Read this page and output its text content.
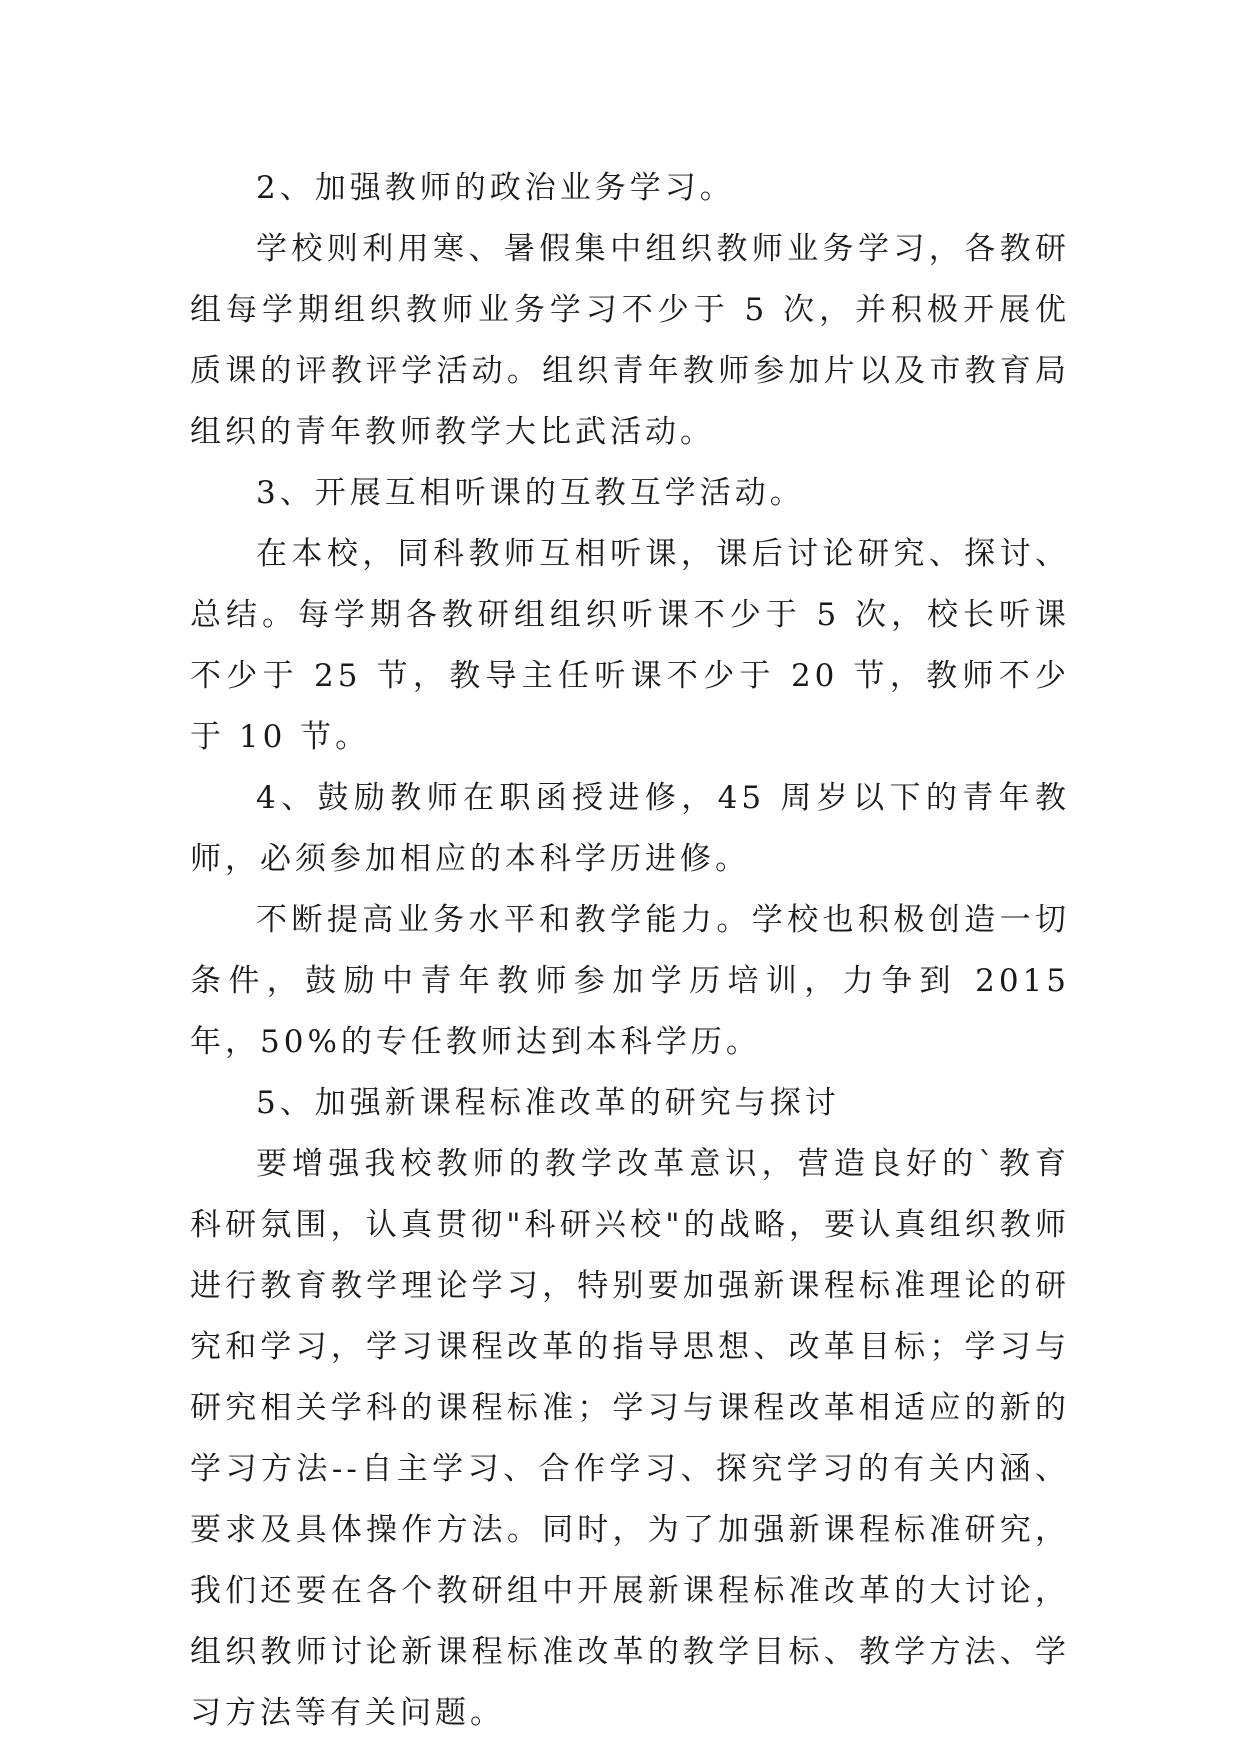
2、加强教师的政治业务学习。

学校则利用寒、暑假集中组织教师业务学习，各教研组每学期组织教师业务学习不少于 5 次，并积极开展优质课的评教评学活动。组织青年教师参加片以及市教育局组织的青年教师教学大比武活动。

3、开展互相听课的互教互学活动。

在本校，同科教师互相听课，课后讨论研究、探讨、总结。每学期各教研组组织听课不少于 5 次，校长听课不少于 25 节，教导主任听课不少于 20 节，教师不少于 10 节。

4、鼓励教师在职函授进修，45 周岁以下的青年教师，必须参加相应的本科学历进修。

不断提高业务水平和教学能力。学校也积极创造一切条件，鼓励中青年教师参加学历培训，力争到 2015 年，50%的专任教师达到本科学历。

5、加强新课程标准改革的研究与探讨

要增强我校教师的教学改革意识，营造良好的`教育科研氛围，认真贯彻"科研兴校"的战略，要认真组织教师进行教育教学理论学习，特别要加强新课程标准理论的研究和学习，学习课程改革的指导思想、改革目标；学习与研究相关学科的课程标准；学习与课程改革相适应的新的学习方法--自主学习、合作学习、探究学习的有关内涵、要求及具体操作方法。同时，为了加强新课程标准研究，我们还要在各个教研组中开展新课程标准改革的大讨论，组织教师讨论新课程标准改革的教学目标、教学方法、学习方法等有关问题。
